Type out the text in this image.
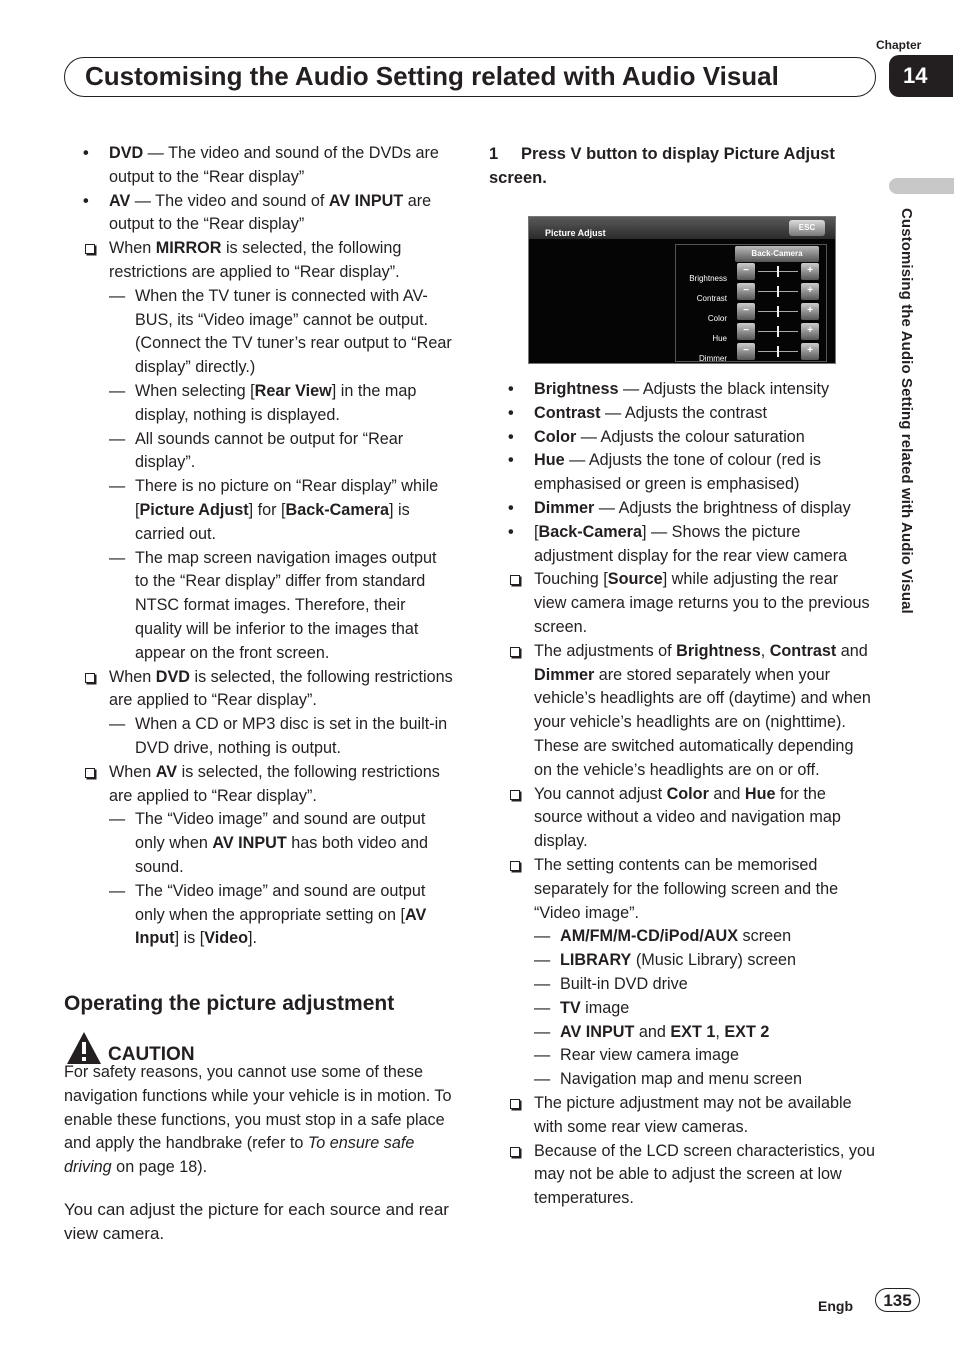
Chapter
14
Customising the Audio Setting related with Audio Visual
Customising the Audio Setting related with Audio Visual

• DVD — The video and sound of the DVDs are output to the “Rear display”

• AV — The video and sound of AV INPUT are output to the “Rear display”

When MIRROR is selected, the following restrictions are applied to “Rear display”.

— When the TV tuner is connected with AV-BUS, its “Video image” cannot be output. (Connect the TV tuner’s rear output to “Rear display” directly.)

— When selecting [Rear View] in the map display, nothing is displayed.

— All sounds cannot be output for “Rear display”.

— There is no picture on “Rear display” while [Picture Adjust] for [Back-Camera] is carried out.

— The map screen navigation images output to the “Rear display” differ from standard NTSC format images. Therefore, their quality will be inferior to the images that appear on the front screen.

When DVD is selected, the following restrictions are applied to “Rear display”.

— When a CD or MP3 disc is set in the built-in DVD drive, nothing is output.

When AV is selected, the following restrictions are applied to “Rear display”.

— The “Video image” and sound are output only when AV INPUT has both video and sound.

— The “Video image” and sound are output only when the appropriate setting on [AV Input] is [Video].

Operating the picture adjustment
CAUTION

For safety reasons, you cannot use some of these navigation functions while your vehicle is in motion. To enable these functions, you must stop in a safe place and apply the handbrake (refer to To ensure safe driving on page 18).

You can adjust the picture for each source and rear view camera.

1 Press V button to display Picture Adjust screen.

Picture Adjust
ESC
Back-Camera
Brightness
−	+
Contrast
−	+
Color
−	+
Hue
−	+
Dimmer
−	+

• Brightness — Adjusts the black intensity

• Contrast — Adjusts the contrast

• Color — Adjusts the colour saturation

• Hue — Adjusts the tone of colour (red is emphasised or green is emphasised)

• Dimmer — Adjusts the brightness of display

• [Back-Camera] — Shows the picture adjustment display for the rear view camera

Touching [Source] while adjusting the rear view camera image returns you to the previous screen.

The adjustments of Brightness, Contrast and Dimmer are stored separately when your vehicle’s headlights are off (daytime) and when your vehicle’s headlights are on (nighttime). These are switched automatically depending on the vehicle’s headlights are on or off.

You cannot adjust Color and Hue for the source without a video and navigation map display.

The setting contents can be memorised separately for the following screen and the “Video image”.

— AM/FM/M-CD/iPod/AUX screen

— LIBRARY (Music Library) screen

— Built-in DVD drive

— TV image

— AV INPUT and EXT 1, EXT 2

— Rear view camera image

— Navigation map and menu screen

The picture adjustment may not be available with some rear view cameras.

Because of the LCD screen characteristics, you may not be able to adjust the screen at low temperatures.

Engb	135
